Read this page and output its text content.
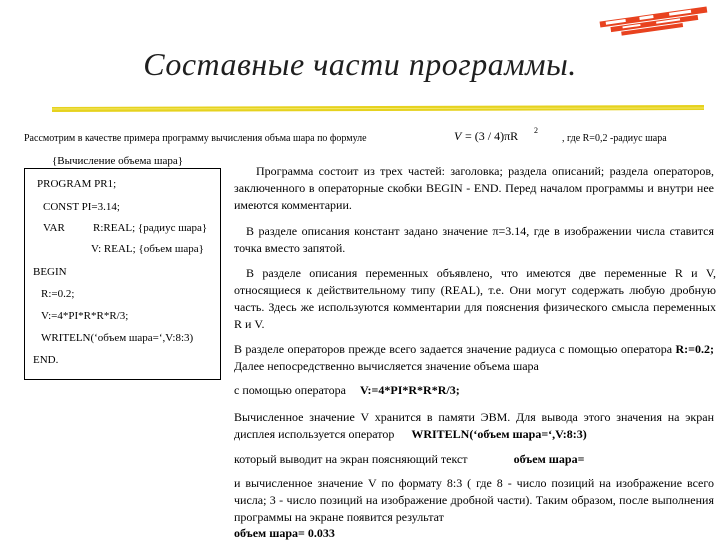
Составные части программы.
Рассмотрим в качестве примера программу вычисления объма шара по формуле	V = (3 / 4)πR 2
, где R=0,2 -радиус шара
{Вычисление объема шара}
PROGRAM PR1;
CONST PI=3.14;
VAR	R:REAL; {радиус шара}
V: REAL; {объем шара}
BEGIN
R:=0.2;
V:=4*PI*R*R*R/3;
WRITELN(‘объем шара=‘,V:8:3)
END.
Программа состоит из трех частей: заголовка; раздела описаний; раздела операторов, заключенного в операторные скобки BEGIN - END. Перед началом программы и внутри нее имеются комментарии.
В разделе описания констант задано значение π=3.14, где в изображении числа ставится точка вместо запятой.
В разделе описания переменных объявлено, что имеются две переменные R и V, относящиеся к действительному типу (REAL), т.е. Они могут содержать любую дробную часть. Здесь же используются комментарии для пояснения физического смысла переменных R и V.
В разделе операторов прежде всего задается значение радиуса с помощью оператора R:=0.2; Далее непосредственно вычисляется значение объема шара
с помощью оператора V:=4*PI*R*R*R/3;
Вычисленное значение V хранится в памяти ЭВМ. Для вывода этого значения на экран дисплея используется оператор WRITELN(‘объем шара=‘,V:8:3)
который выводит на экран поясняющий текст	объем шара=
и вычисленное значение V по формату 8:3 ( где 8 - число позиций на изображение всего числа; 3 - число позиций на изображение дробной части). Таким образом, после выполнения программы на экране появится результат
объем шара= 0.033
